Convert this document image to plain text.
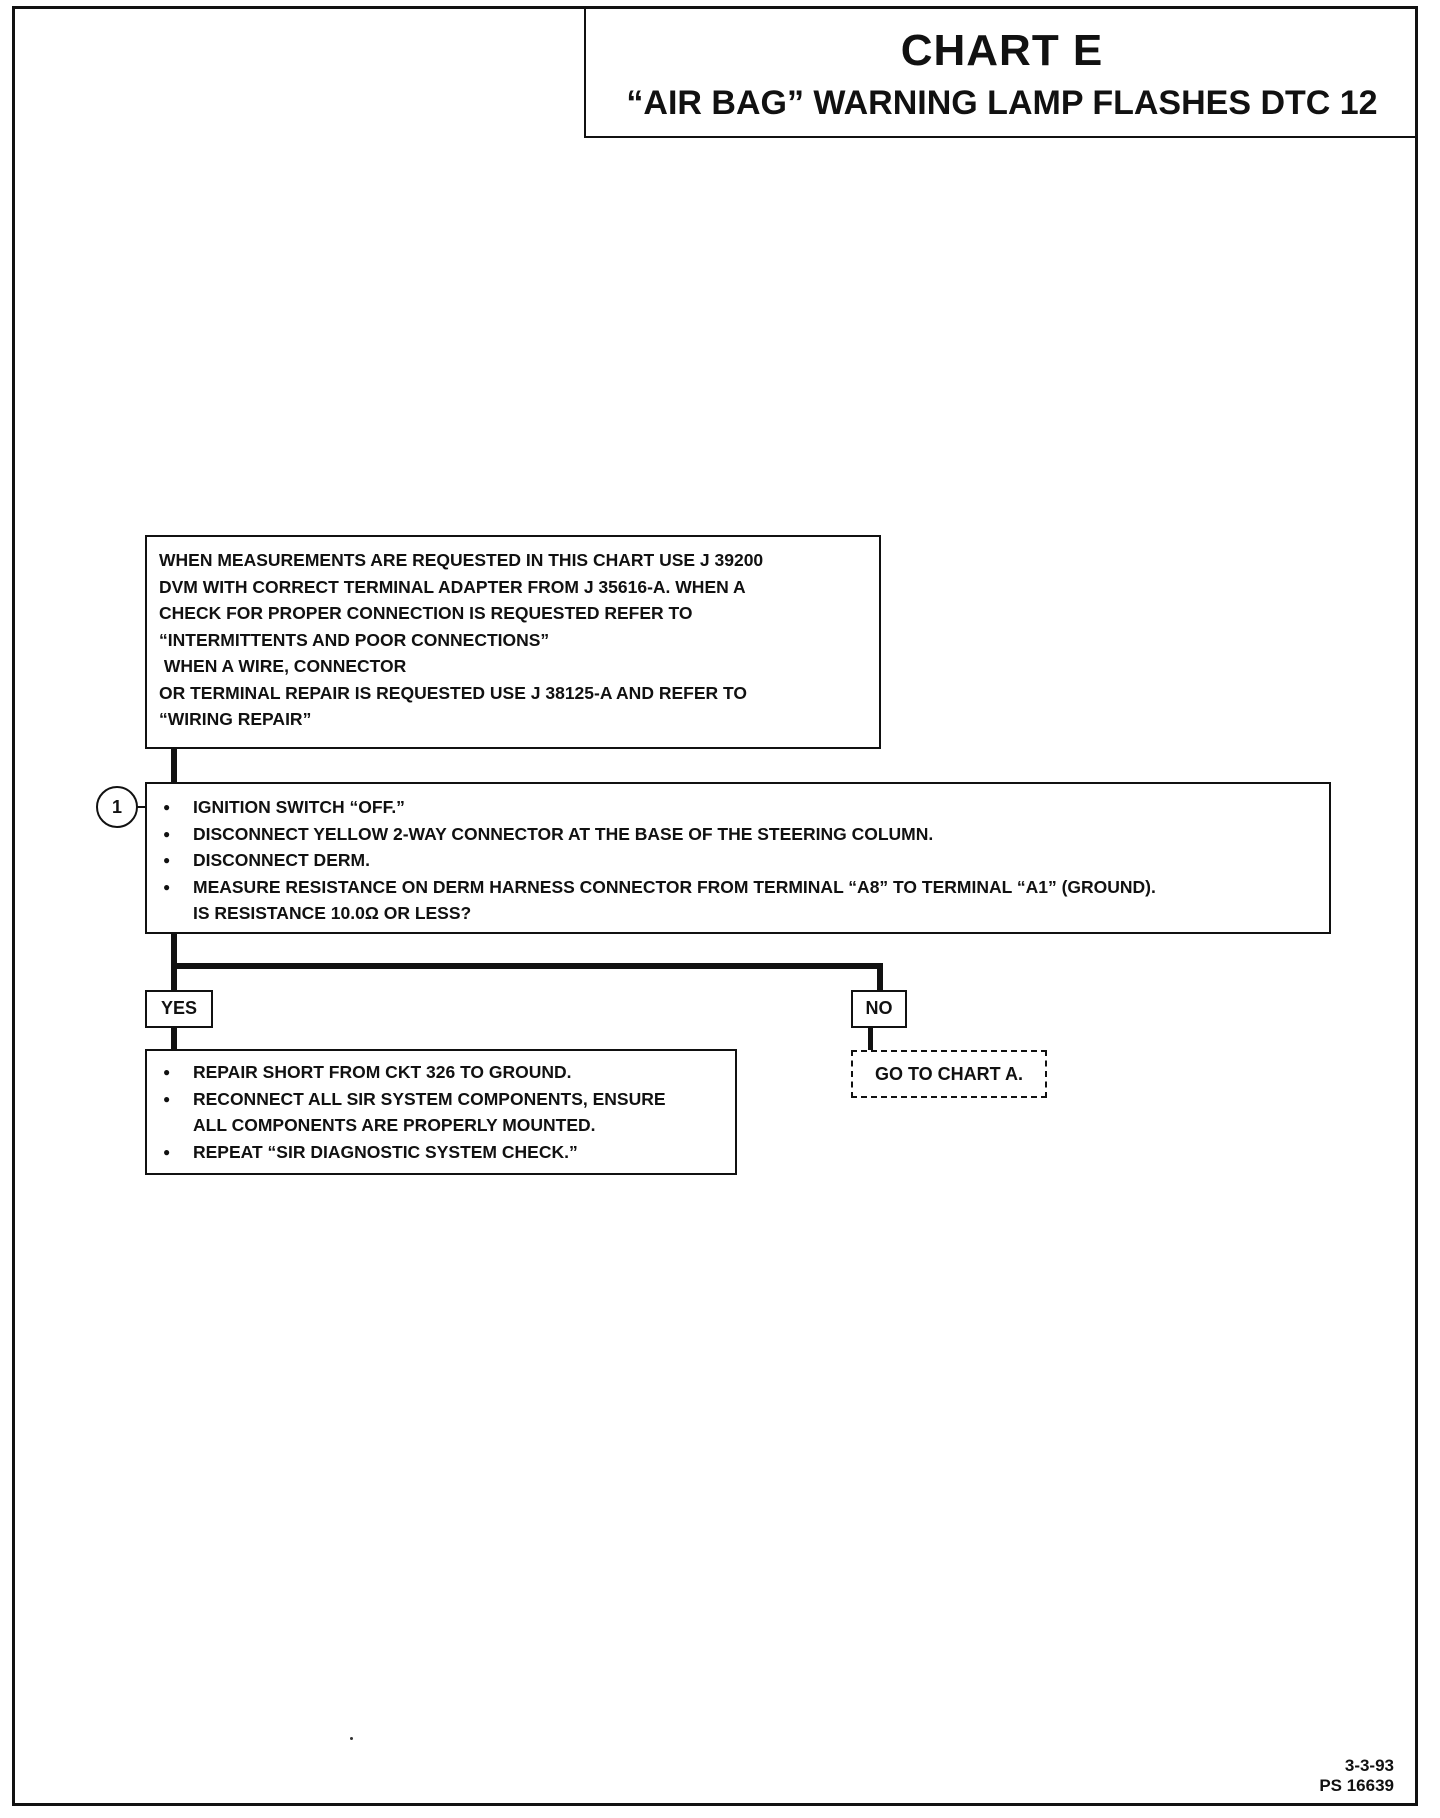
CHART E
“AIR BAG” WARNING LAMP FLASHES DTC 12
WHEN MEASUREMENTS ARE REQUESTED IN THIS CHART USE J 39200
DVM WITH CORRECT TERMINAL ADAPTER FROM J 35616-A. WHEN A
CHECK FOR PROPER CONNECTION IS REQUESTED REFER TO
“INTERMITTENTS AND POOR CONNECTIONS”
WHEN A WIRE, CONNECTOR
OR TERMINAL REPAIR IS REQUESTED USE J 38125-A AND REFER TO
“WIRING REPAIR”
1
●	IGNITION SWITCH “OFF.”
● DISCONNECT YELLOW 2-WAY CONNECTOR AT THE BASE OF THE STEERING COLUMN.
● DISCONNECT DERM.
● MEASURE RESISTANCE ON DERM HARNESS CONNECTOR FROM TERMINAL “A8” TO TERMINAL “A1” (GROUND).
IS RESISTANCE 10.0Ω OR LESS?
YES	NO
● REPAIR SHORT FROM CKT 326 TO GROUND.
● RECONNECT ALL SIR SYSTEM COMPONENTS, ENSURE
ALL COMPONENTS ARE PROPERLY MOUNTED.
● REPEAT “SIR DIAGNOSTIC SYSTEM CHECK.”
GO TO CHART A.
3-3-93
PS 16639
